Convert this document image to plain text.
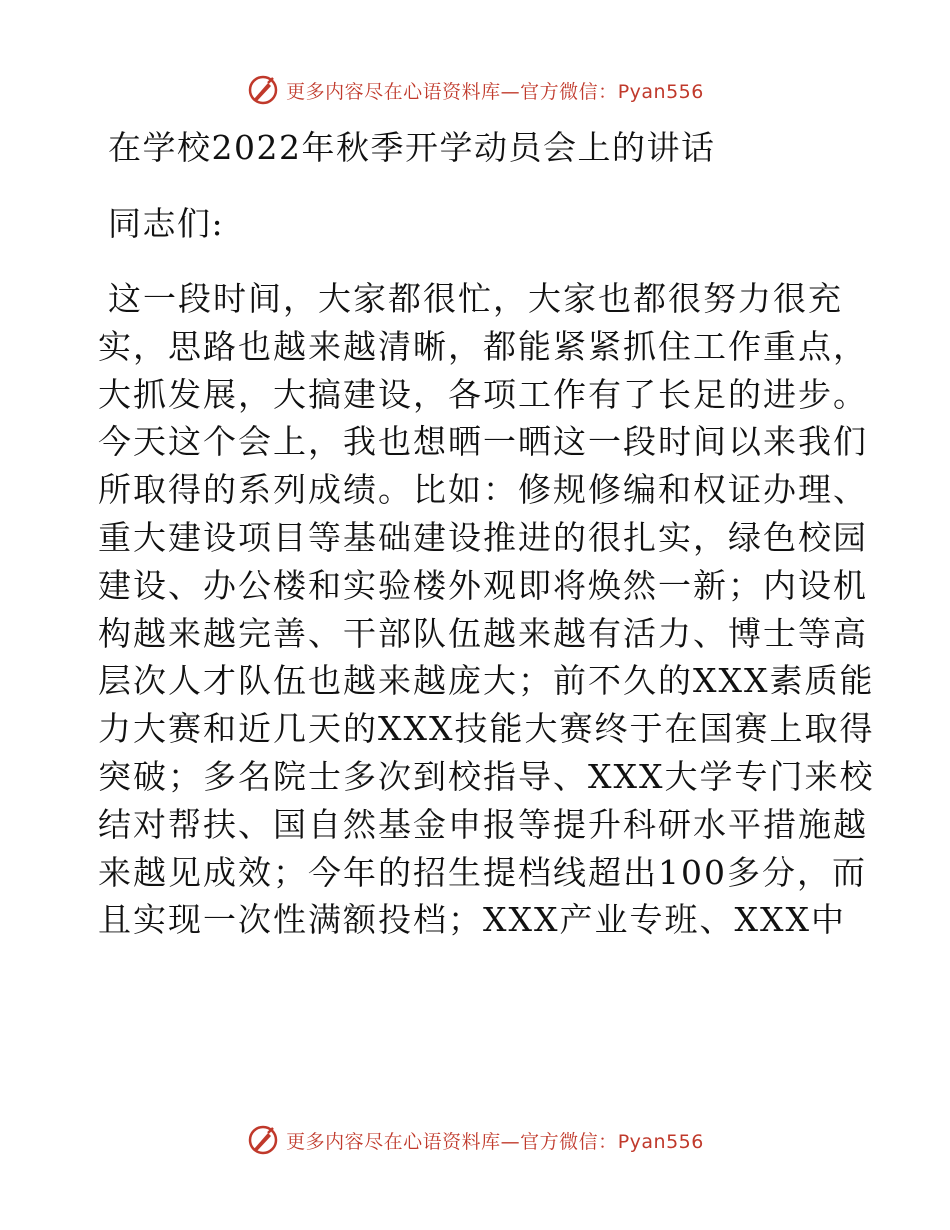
更多内容尽在心语资料库—官方微信：Pyan556
在学校2022年秋季开学动员会上的讲话
同志们:
这一段时间，大家都很忙，大家也都很努力很充
实，思路也越来越清晰，都能紧紧抓住工作重点，
大抓发展，大搞建设，各项工作有了长足的进步。
今天这个会上，我也想晒一晒这一段时间以来我们
所取得的系列成绩。比如：修规修编和权证办理、
重大建设项目等基础建设推进的很扎实，绿色校园
建设、办公楼和实验楼外观即将焕然一新；内设机
构越来越完善、干部队伍越来越有活力、博士等高
层次人才队伍也越来越庞大；前不久的XXX素质能
力大赛和近几天的XXX技能大赛终于在国赛上取得
突破；多名院士多次到校指导、XXX大学专门来校
结对帮扶、国自然基金申报等提升科研水平措施越
来越见成效；今年的招生提档线超出100多分，而
且实现一次性满额投档；XXX产业专班、XXX中
更多内容尽在心语资料库—官方微信：Pyan556
